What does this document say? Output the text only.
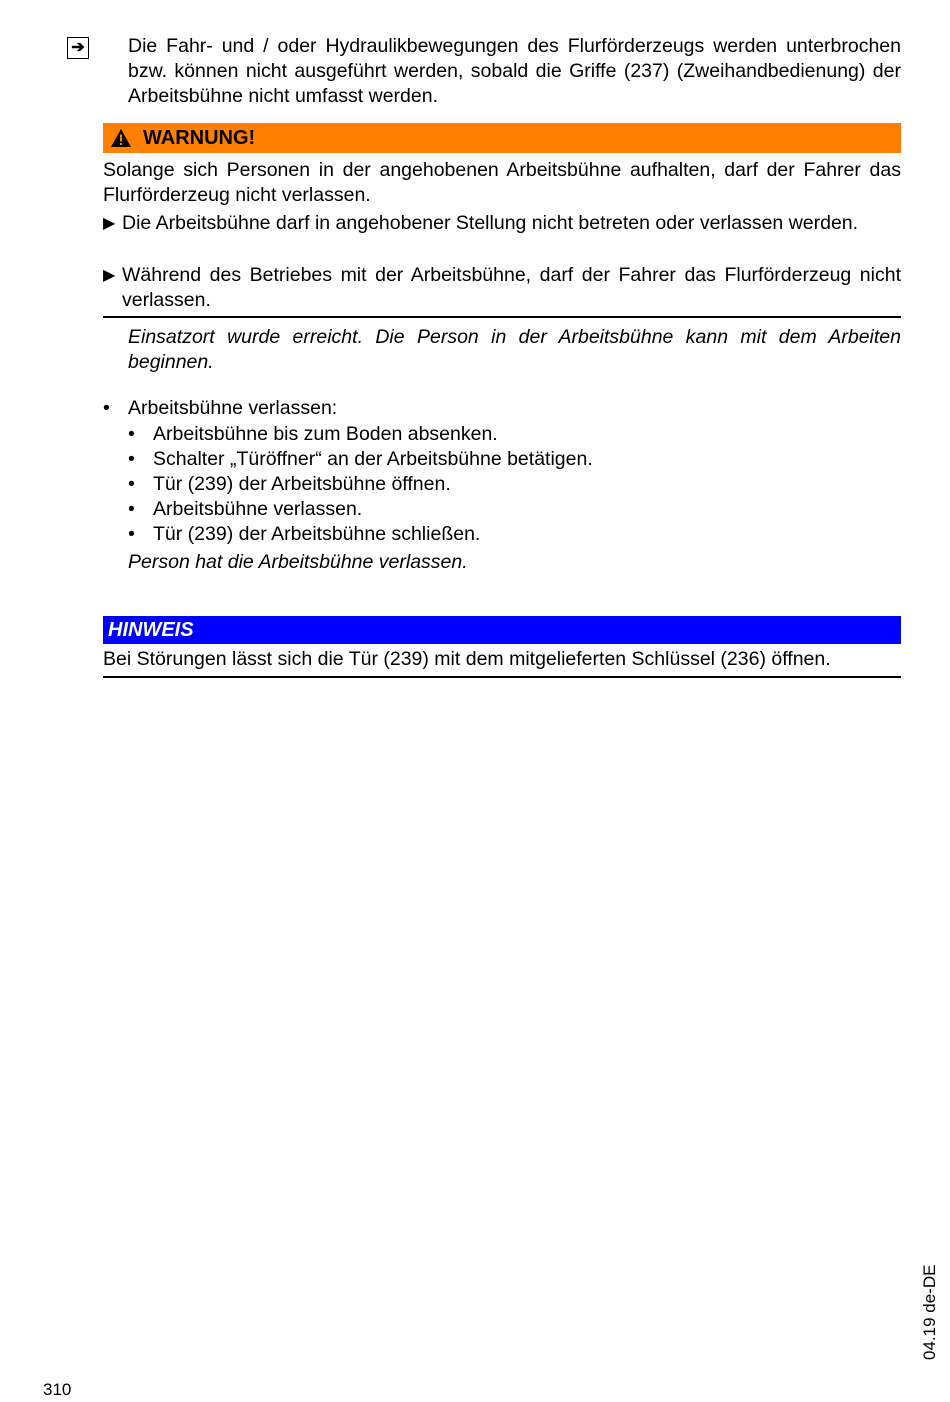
➔ Die Fahr- und / oder Hydraulikbewegungen des Flurförderzeugs werden unterbrochen bzw. können nicht ausgeführt werden, sobald die Griffe (237) (Zweihandbedienung) der Arbeitsbühne nicht umfasst werden.
WARNUNG!
Solange sich Personen in der angehobenen Arbeitsbühne aufhalten, darf der Fahrer das Flurförderzeug nicht verlassen.
▶ Die Arbeitsbühne darf in angehobener Stellung nicht betreten oder verlassen werden.
▶ Während des Betriebes mit der Arbeitsbühne, darf der Fahrer das Flurförderzeug nicht verlassen.
Einsatzort wurde erreicht. Die Person in der Arbeitsbühne kann mit dem Arbeiten beginnen.
• Arbeitsbühne verlassen:
• Arbeitsbühne bis zum Boden absenken.
• Schalter „Türöffner“ an der Arbeitsbühne betätigen.
• Tür (239) der Arbeitsbühne öffnen.
• Arbeitsbühne verlassen.
• Tür (239) der Arbeitsbühne schließen.
Person hat die Arbeitsbühne verlassen.
HINWEIS
Bei Störungen lässt sich die Tür (239) mit dem mitgelieferten Schlüssel (236) öffnen.
04.19 de-DE
310
